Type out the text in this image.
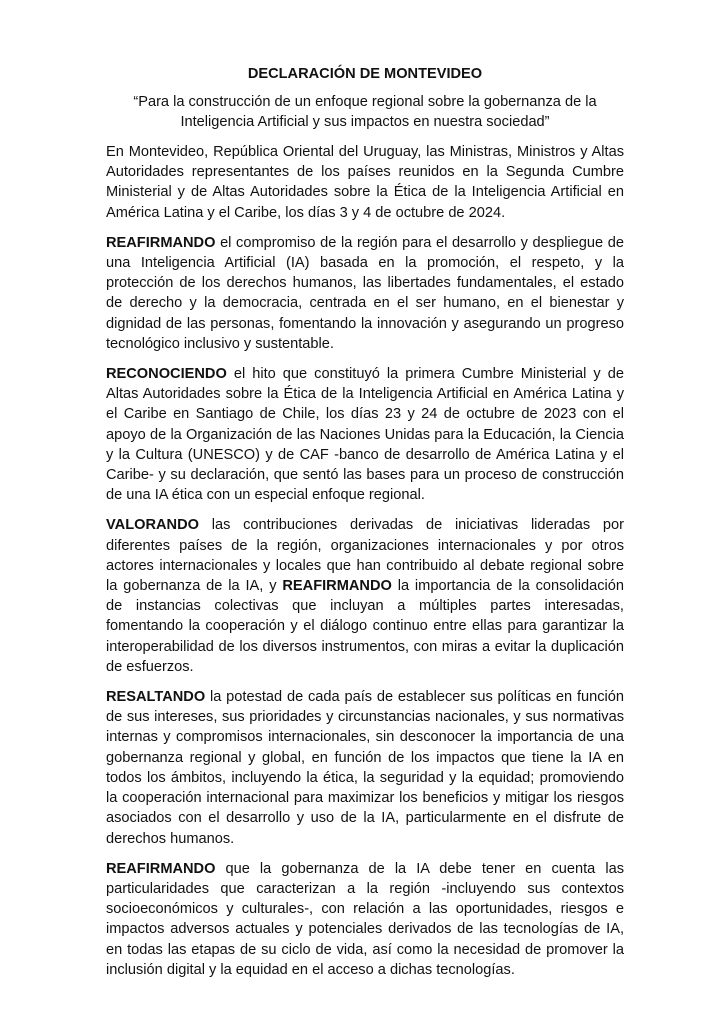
DECLARACIÓN DE MONTEVIDEO

“Para la construcción de un enfoque regional sobre la gobernanza de la Inteligencia Artificial y sus impactos en nuestra sociedad”

En Montevideo, República Oriental del Uruguay, las Ministras, Ministros y Altas Autoridades representantes de los países reunidos en la Segunda Cumbre Ministerial y de Altas Autoridades sobre la Ética de la Inteligencia Artificial en América Latina y el Caribe, los días 3 y 4 de octubre de 2024.

REAFIRMANDO el compromiso de la región para el desarrollo y despliegue de una Inteligencia Artificial (IA) basada en la promoción, el respeto, y la protección de los derechos humanos, las libertades fundamentales, el estado de derecho y la democracia, centrada en el ser humano, en el bienestar y dignidad de las personas, fomentando la innovación y asegurando un progreso tecnológico inclusivo y sustentable.

RECONOCIENDO el hito que constituyó la primera Cumbre Ministerial y de Altas Autoridades sobre la Ética de la Inteligencia Artificial en América Latina y el Caribe en Santiago de Chile, los días 23 y 24 de octubre de 2023 con el apoyo de la Organización de las Naciones Unidas para la Educación, la Ciencia y la Cultura (UNESCO) y de CAF -banco de desarrollo de América Latina y el Caribe- y su declaración, que sentó las bases para un proceso de construcción de una IA ética con un especial enfoque regional.

VALORANDO las contribuciones derivadas de iniciativas lideradas por diferentes países de la región, organizaciones internacionales y por otros actores internacionales y locales que han contribuido al debate regional sobre la gobernanza de la IA, y REAFIRMANDO la importancia de la consolidación de instancias colectivas que incluyan a múltiples partes interesadas, fomentando la cooperación y el diálogo continuo entre ellas para garantizar la interoperabilidad de los diversos instrumentos, con miras a evitar la duplicación de esfuerzos.

RESALTANDO la potestad de cada país de establecer sus políticas en función de sus intereses, sus prioridades y circunstancias nacionales, y sus normativas internas y compromisos internacionales, sin desconocer la importancia de una gobernanza regional y global, en función de los impactos que tiene la IA en todos los ámbitos, incluyendo la ética, la seguridad y la equidad; promoviendo la cooperación internacional para maximizar los beneficios y mitigar los riesgos asociados con el desarrollo y uso de la IA, particularmente en el disfrute de derechos humanos.

REAFIRMANDO que la gobernanza de la IA debe tener en cuenta las particularidades que caracterizan a la región -incluyendo sus contextos socioeconómicos y culturales-, con relación a las oportunidades, riesgos e impactos adversos actuales y potenciales derivados de las tecnologías de IA, en todas las etapas de su ciclo de vida, así como la necesidad de promover la inclusión digital y la equidad en el acceso a dichas tecnologías.
